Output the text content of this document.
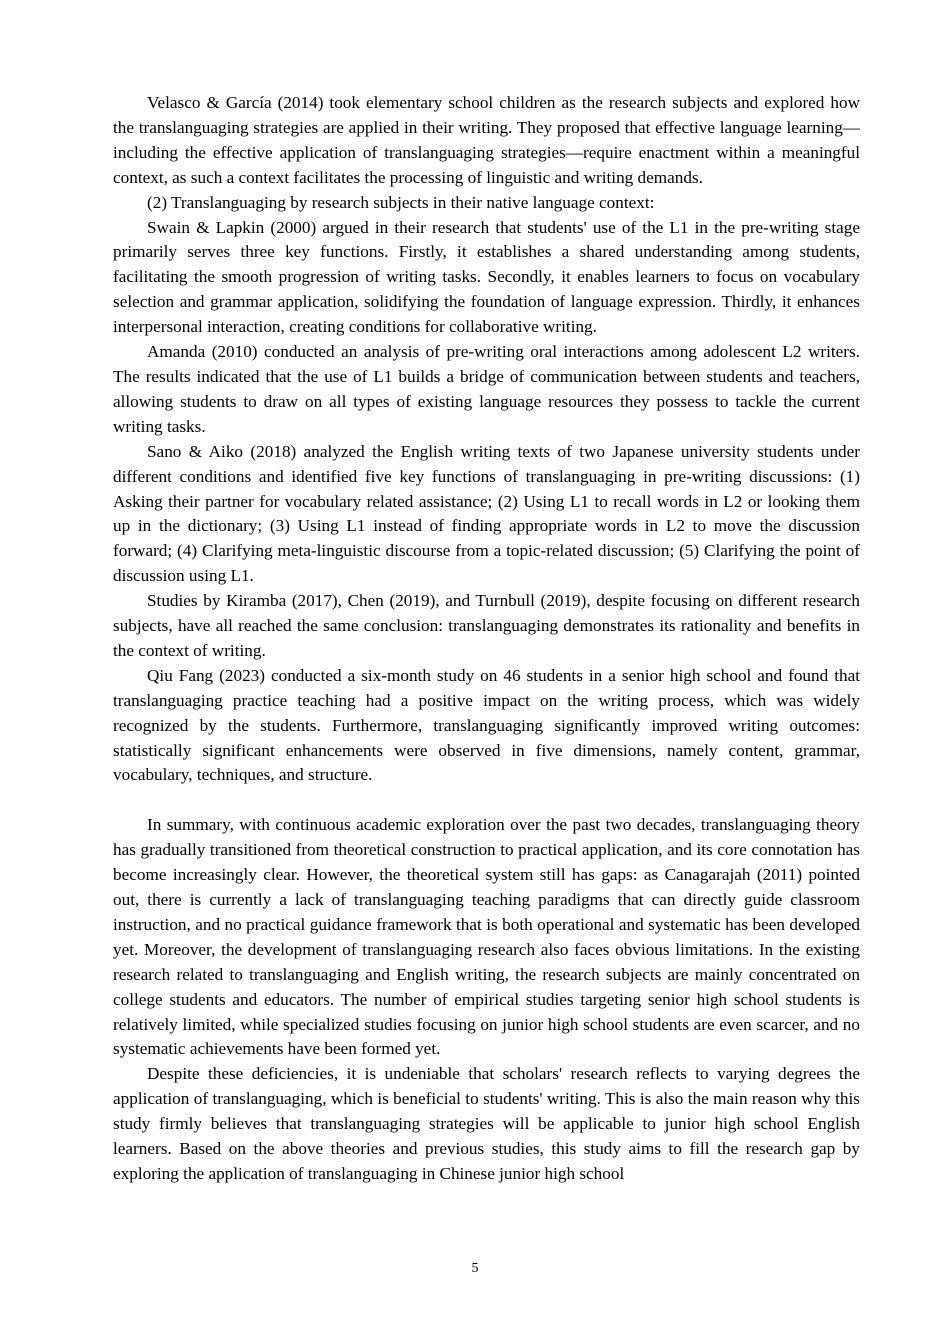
Velasco & García (2014) took elementary school children as the research subjects and explored how the translanguaging strategies are applied in their writing. They proposed that effective language learning—including the effective application of translanguaging strategies—require enactment within a meaningful context, as such a context facilitates the processing of linguistic and writing demands.

(2) Translanguaging by research subjects in their native language context:

Swain & Lapkin (2000) argued in their research that students' use of the L1 in the pre-writing stage primarily serves three key functions. Firstly, it establishes a shared understanding among students, facilitating the smooth progression of writing tasks. Secondly, it enables learners to focus on vocabulary selection and grammar application, solidifying the foundation of language expression. Thirdly, it enhances interpersonal interaction, creating conditions for collaborative writing.

Amanda (2010) conducted an analysis of pre-writing oral interactions among adolescent L2 writers. The results indicated that the use of L1 builds a bridge of communication between students and teachers, allowing students to draw on all types of existing language resources they possess to tackle the current writing tasks.

Sano & Aiko (2018) analyzed the English writing texts of two Japanese university students under different conditions and identified five key functions of translanguaging in pre-writing discussions: (1) Asking their partner for vocabulary related assistance; (2) Using L1 to recall words in L2 or looking them up in the dictionary; (3) Using L1 instead of finding appropriate words in L2 to move the discussion forward; (4) Clarifying meta-linguistic discourse from a topic-related discussion; (5) Clarifying the point of discussion using L1.

Studies by Kiramba (2017), Chen (2019), and Turnbull (2019), despite focusing on different research subjects, have all reached the same conclusion: translanguaging demonstrates its rationality and benefits in the context of writing.

Qiu Fang (2023) conducted a six-month study on 46 students in a senior high school and found that translanguaging practice teaching had a positive impact on the writing process, which was widely recognized by the students. Furthermore, translanguaging significantly improved writing outcomes: statistically significant enhancements were observed in five dimensions, namely content, grammar, vocabulary, techniques, and structure.

In summary, with continuous academic exploration over the past two decades, translanguaging theory has gradually transitioned from theoretical construction to practical application, and its core connotation has become increasingly clear. However, the theoretical system still has gaps: as Canagarajah (2011) pointed out, there is currently a lack of translanguaging teaching paradigms that can directly guide classroom instruction, and no practical guidance framework that is both operational and systematic has been developed yet. Moreover, the development of translanguaging research also faces obvious limitations. In the existing research related to translanguaging and English writing, the research subjects are mainly concentrated on college students and educators. The number of empirical studies targeting senior high school students is relatively limited, while specialized studies focusing on junior high school students are even scarcer, and no systematic achievements have been formed yet.

Despite these deficiencies, it is undeniable that scholars' research reflects to varying degrees the application of translanguaging, which is beneficial to students' writing. This is also the main reason why this study firmly believes that translanguaging strategies will be applicable to junior high school English learners. Based on the above theories and previous studies, this study aims to fill the research gap by exploring the application of translanguaging in Chinese junior high school

5
